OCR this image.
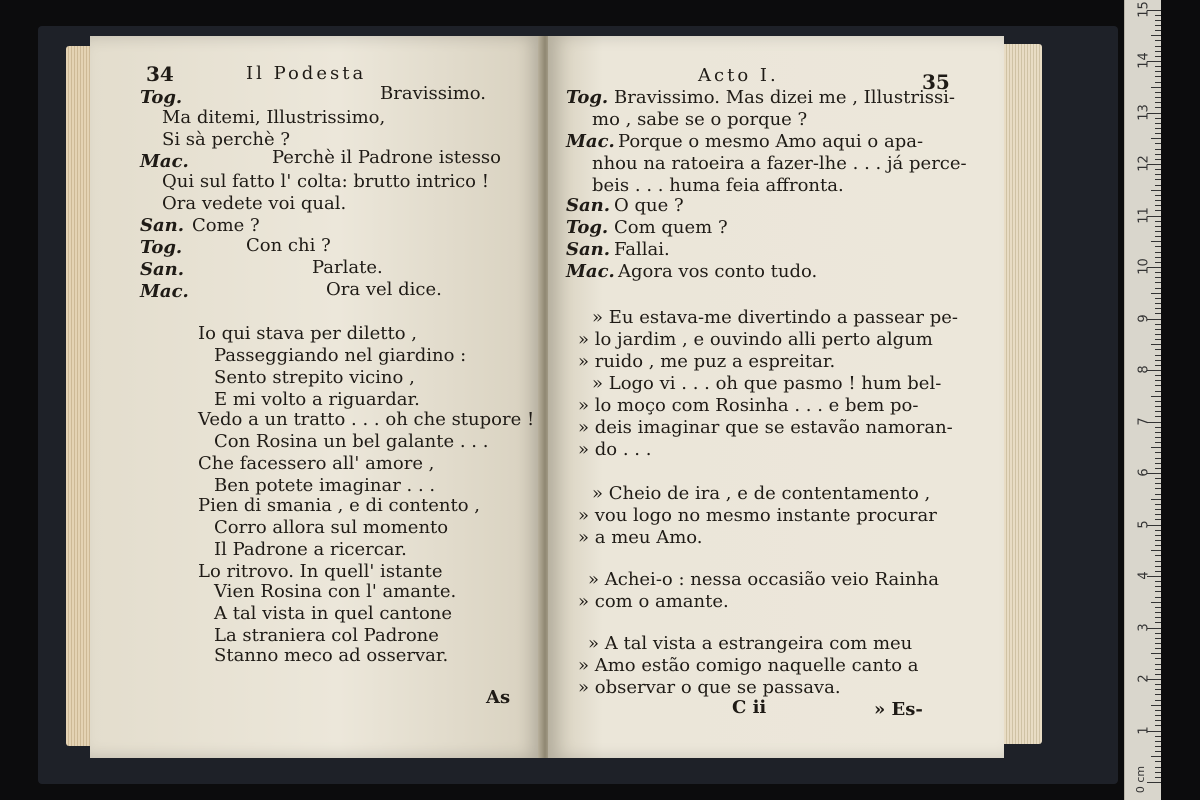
0 cm
1
2
3
4
5
6
7
8
9
10
11
12
13
14
15
34	Il Podesta
Bravissimo.
Tog.
Ma ditemi, Illustrissimo,
Si sà perchè ?
Mac.	Perchè il Padrone istesso
Qui sul fatto l' colta: brutto intrico !
Ora vedete voi qual.
San. Come ?
Tog.	Con chi ?
San.	Parlate.
Mac.	Ora vel dice.
Io qui stava per diletto ,
Passeggiando nel giardino :
Sento strepito vicino ,
E mi volto a riguardar.
Vedo a un tratto . . . oh che stupore !
Con Rosina un bel galante . . .
Che facessero all' amore ,
Ben potete imaginar . . .
Pien di smania , e di contento ,
Corro allora sul momento
Il Padrone a ricercar.
Lo ritrovo. In quell' istante
Vien Rosina con l' amante.
A tal vista in quel cantone
La straniera col Padrone
Stanno meco ad osservar.
As
Acto I.	35
Tog. Bravissimo. Mas dizei me , Illustrissi-
mo , sabe se o porque ?
Mac. Porque o mesmo Amo aqui o apa-
nhou na ratoeira a fazer-lhe . . . já perce-
beis . . . huma feia affronta.
San. O que ?
Tog. Com quem ?
San. Fallai.
Mac. Agora vos conto tudo.
» Eu estava-me divertindo a passear pe-
» lo jardim , e ouvindo alli perto algum
» ruido , me puz a espreitar.
» Logo vi . . . oh que pasmo ! hum bel-
» lo moço com Rosinha . . . e bem po-
» deis imaginar que se estavão namoran-
» do . . .
» Cheio de ira , e de contentamento ,
» vou logo no mesmo instante procurar
» a meu Amo.
» Achei-o : nessa occasião veio Rainha
» com o amante.
» A tal vista a estrangeira com meu
» Amo estão comigo naquelle canto a
» observar o que se passava.
C ii	» Es-
